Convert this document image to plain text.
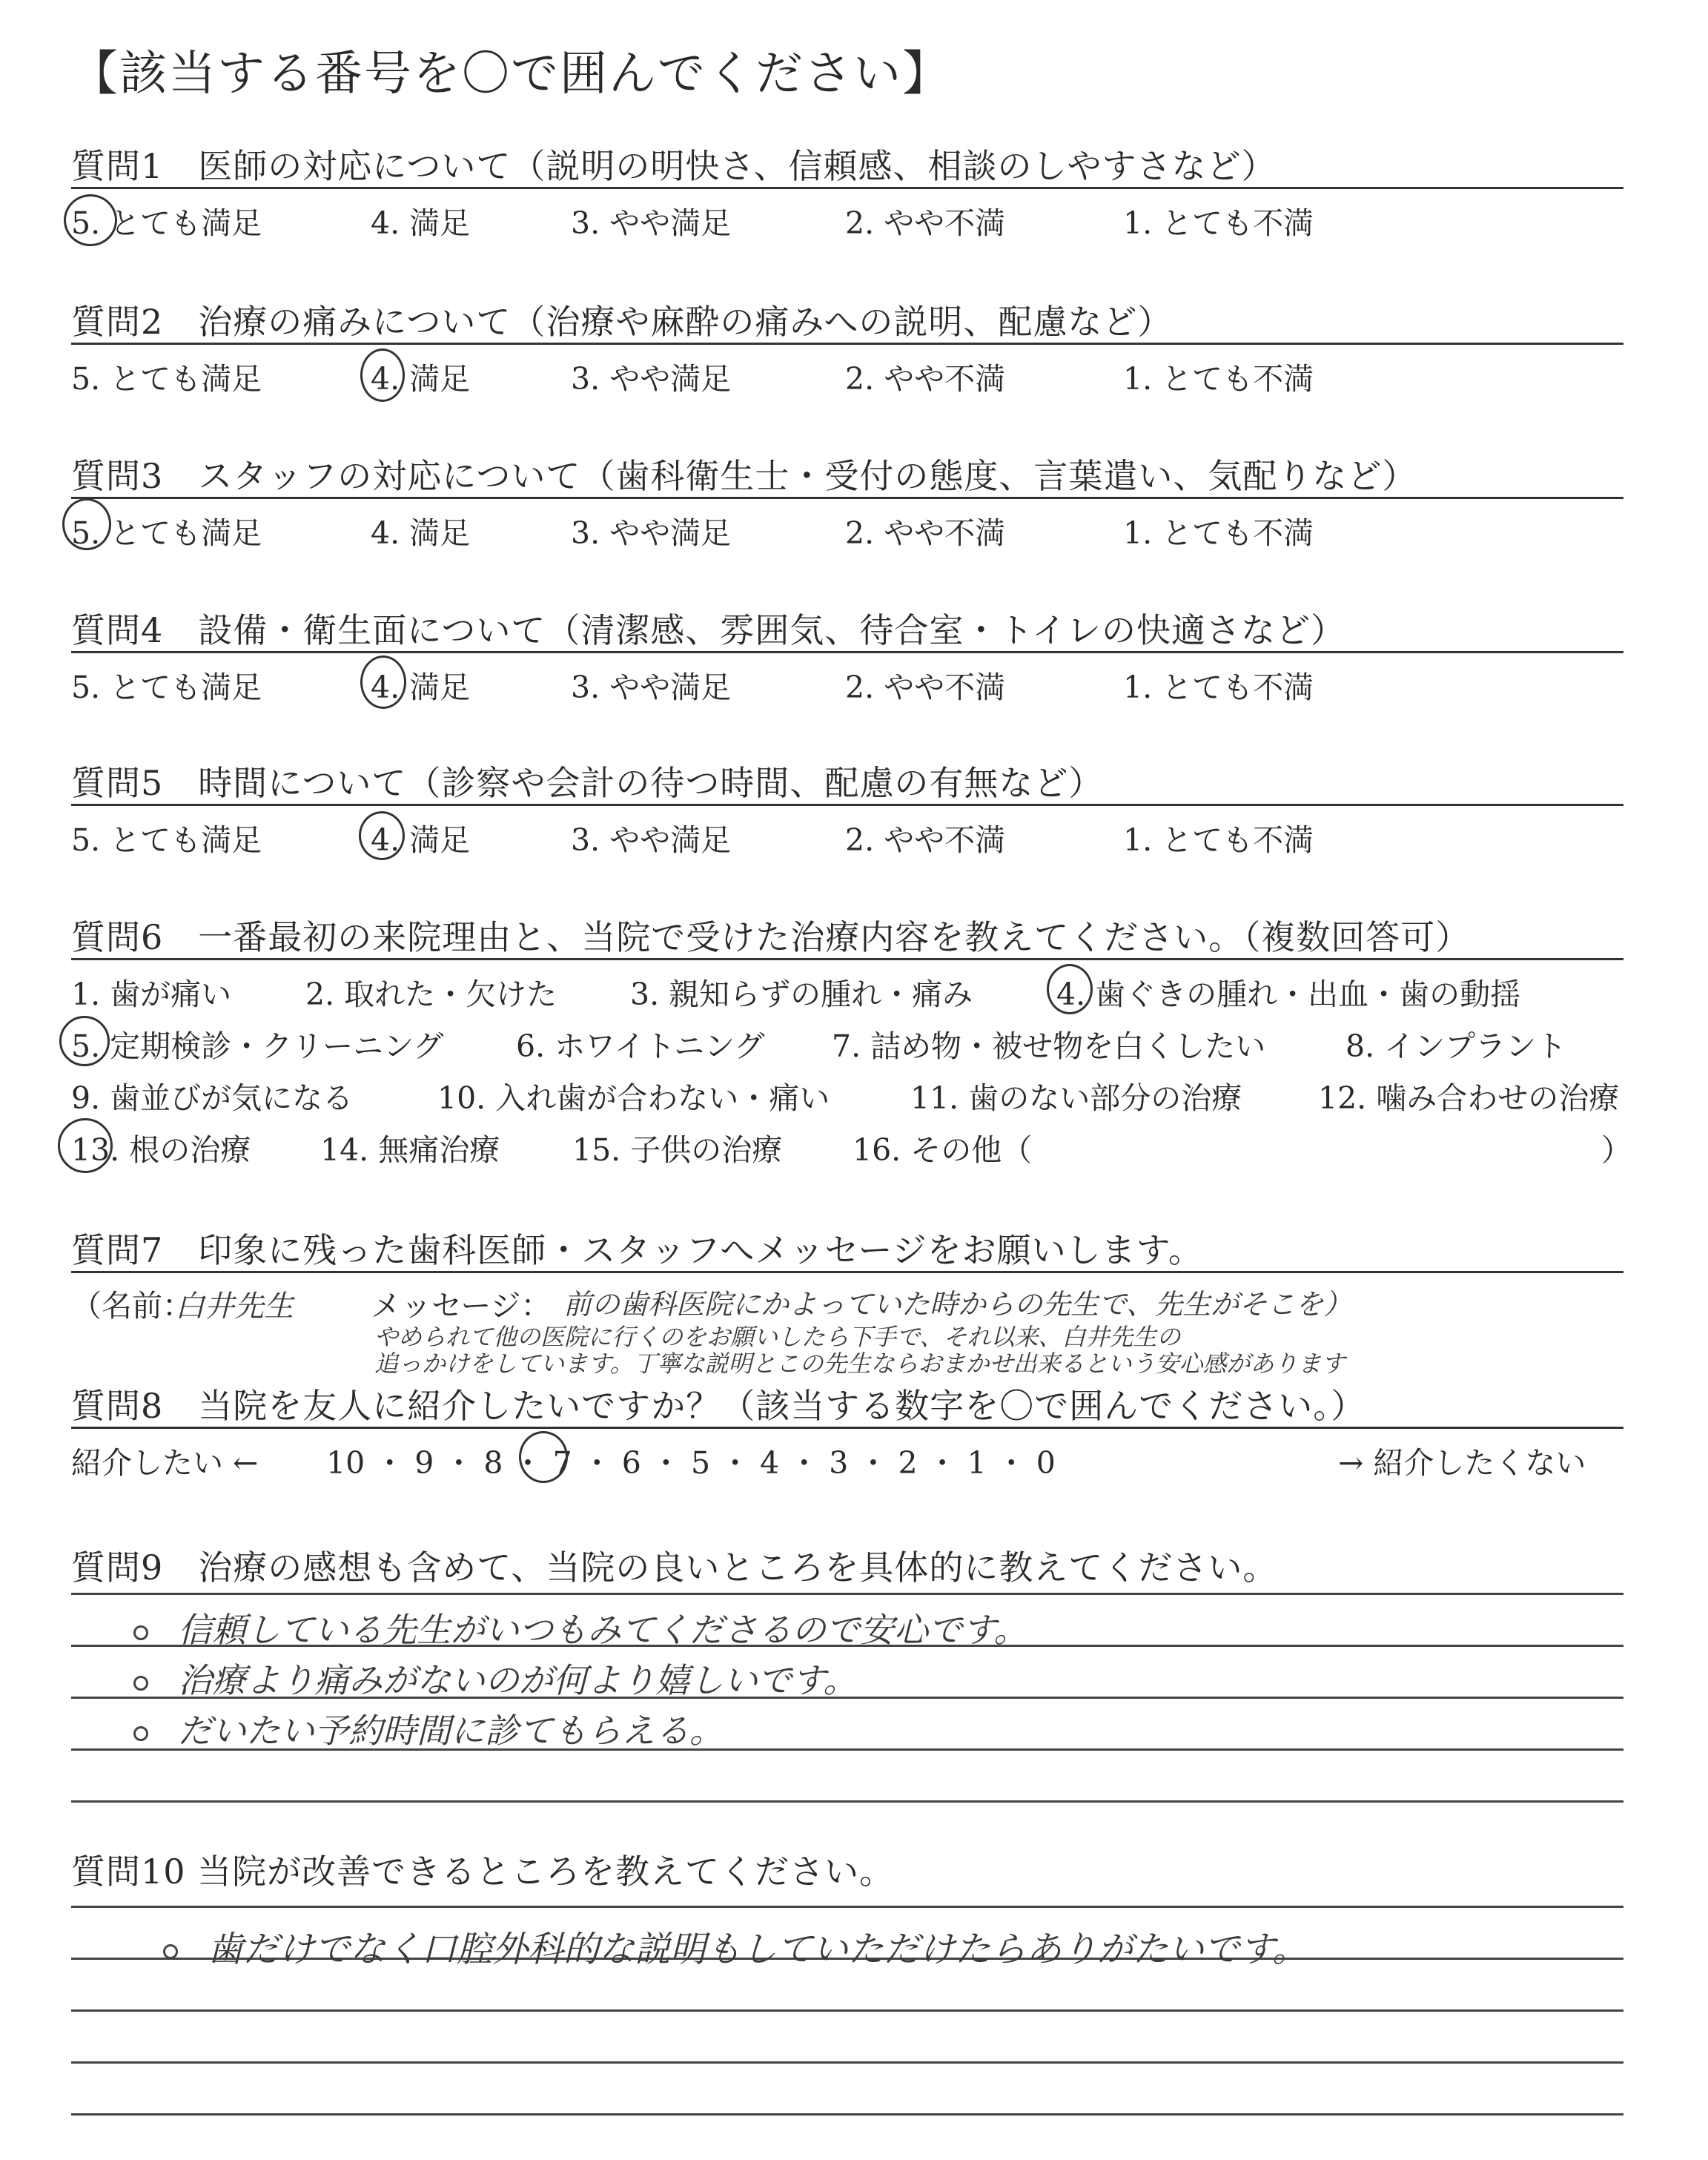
【該当する番号を〇で囲んでください】
質問1　医師の対応について（説明の明快さ、信頼感、相談のしやすさなど）
5. とても満足	4. 満足	3. やや満足	2. やや不満	1. とても不満
質問2　治療の痛みについて（治療や麻酔の痛みへの説明、配慮など）
5. とても満足	4. 満足	3. やや満足	2. やや不満	1. とても不満
質問3　スタッフの対応について（歯科衛生士・受付の態度、言葉遣い、気配りなど）
5. とても満足	4. 満足	3. やや満足	2. やや不満	1. とても不満
質問4　設備・衛生面について（清潔感、雰囲気、待合室・トイレの快適さなど）
5. とても満足	4. 満足	3. やや満足	2. やや不満	1. とても不満
質問5　時間について（診察や会計の待つ時間、配慮の有無など）
5. とても満足	4. 満足	3. やや満足	2. やや不満	1. とても不満
質問6　一番最初の来院理由と、当院で受けた治療内容を教えてください。（複数回答可）
1. 歯が痛い 2. 取れた・欠けた 3. 親知らずの腫れ・痛み	4. 歯ぐきの腫れ・出血・歯の動揺
5. 定期検診・クリーニング 6. ホワイトニング 7. 詰め物・被せ物を白くしたい	8. インプラント
9. 歯並びが気になる	10. 入れ歯が合わない・痛い	11. 歯のない部分の治療	12. 噛み合わせの治療
13. 根の治療 14. 無痛治療 15. 子供の治療 16. その他（	）
質問7　印象に残った歯科医師・スタッフへメッセージをお願いします。
（名前：
白井先生	メッセージ： 前の歯科医院にかよっていた時からの先生で、先生がそこを）
やめられて他の医院に行くのをお願いしたら下手で、それ以来、白井先生の
追っかけをしています。丁寧な説明とこの先生ならおまかせ出来るという安心感があります
質問8　当院を友人に紹介したいですか？（該当する数字を〇で囲んでください。）
紹介したい ← 10 ・ 9 ・ 8 ・ 7 ・ 6 ・ 5 ・ 4 ・ 3 ・ 2 ・ 1 ・ 0	→ 紹介したくない
質問9　治療の感想も含めて、当院の良いところを具体的に教えてください。
信頼している先生がいつもみてくださるので安心です。
治療より痛みがないのが何より嬉しいです。
だいたい予約時間に診てもらえる。
質問10 当院が改善できるところを教えてください。
歯だけでなく口腔外科的な説明もしていただけたらありがたいです。
